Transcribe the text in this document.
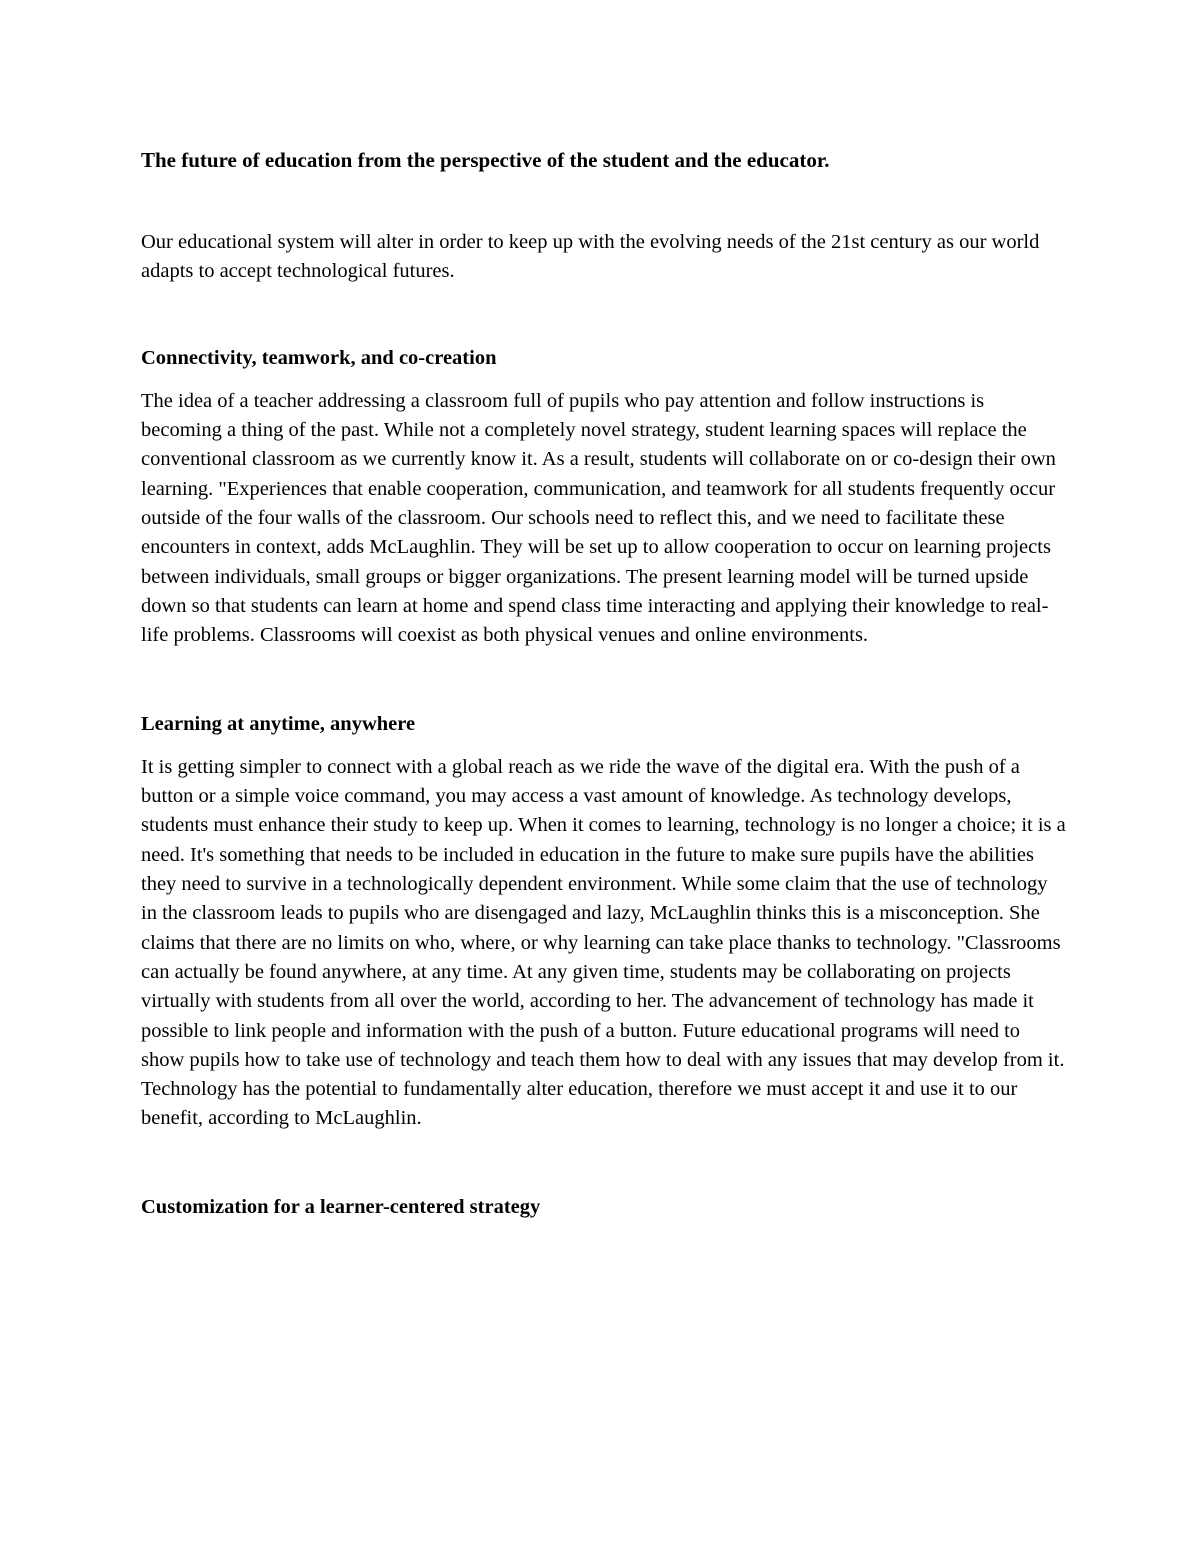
The future of education from the perspective of the student and the educator.

Our educational system will alter in order to keep up with the evolving needs of the 21st century as our world adapts to accept technological futures.

Connectivity, teamwork, and co-creation

The idea of a teacher addressing a classroom full of pupils who pay attention and follow instructions is becoming a thing of the past. While not a completely novel strategy, student learning spaces will replace the conventional classroom as we currently know it. As a result, students will collaborate on or co-design their own learning. "Experiences that enable cooperation, communication, and teamwork for all students frequently occur outside of the four walls of the classroom. Our schools need to reflect this, and we need to facilitate these encounters in context, adds McLaughlin. They will be set up to allow cooperation to occur on learning projects between individuals, small groups or bigger organizations. The present learning model will be turned upside down so that students can learn at home and spend class time interacting and applying their knowledge to real-life problems. Classrooms will coexist as both physical venues and online environments.

Learning at anytime, anywhere

It is getting simpler to connect with a global reach as we ride the wave of the digital era. With the push of a button or a simple voice command, you may access a vast amount of knowledge. As technology develops, students must enhance their study to keep up. When it comes to learning, technology is no longer a choice; it is a need. It's something that needs to be included in education in the future to make sure pupils have the abilities they need to survive in a technologically dependent environment. While some claim that the use of technology in the classroom leads to pupils who are disengaged and lazy, McLaughlin thinks this is a misconception. She claims that there are no limits on who, where, or why learning can take place thanks to technology. "Classrooms can actually be found anywhere, at any time. At any given time, students may be collaborating on projects virtually with students from all over the world, according to her. The advancement of technology has made it possible to link people and information with the push of a button. Future educational programs will need to show pupils how to take use of technology and teach them how to deal with any issues that may develop from it. Technology has the potential to fundamentally alter education, therefore we must accept it and use it to our benefit, according to McLaughlin.

Customization for a learner-centered strategy
